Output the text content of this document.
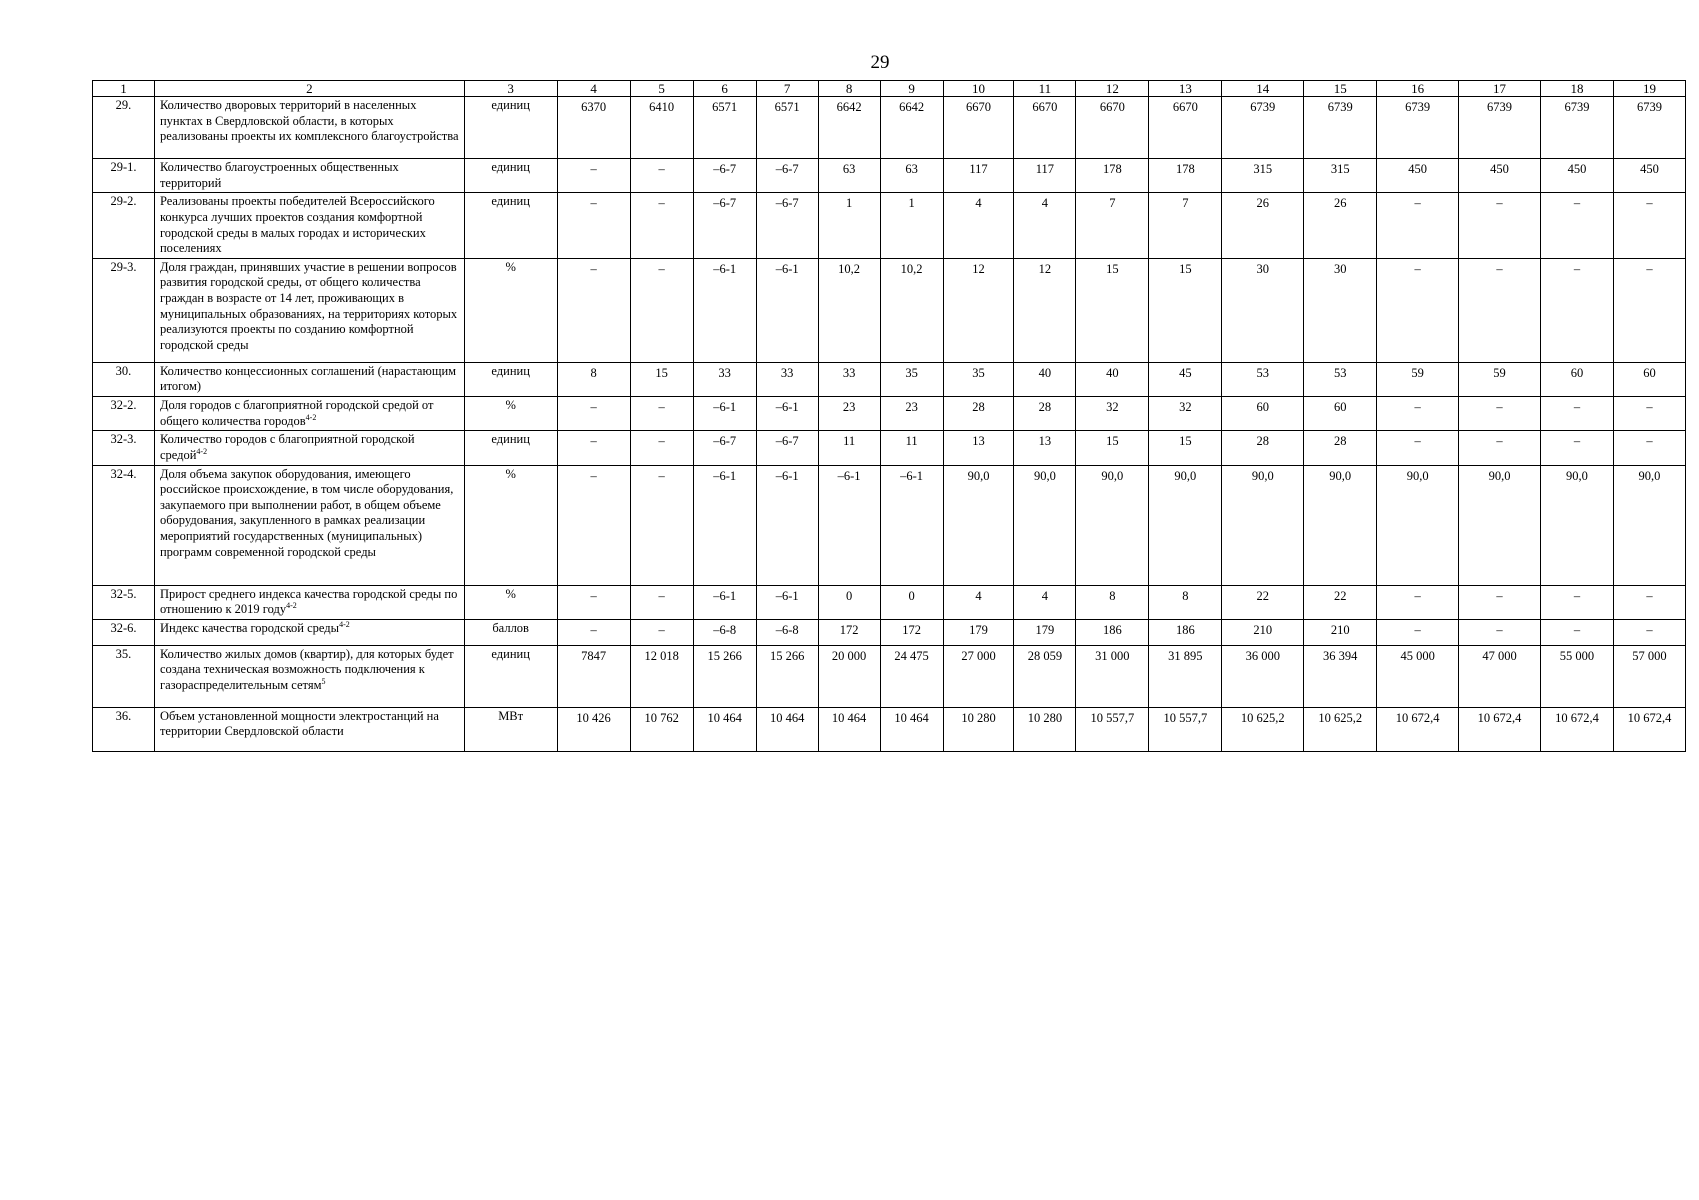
29
1	2	3	4	5	6	7	8	9	10	11	12	13	14	15	16	17	18	19
29.	Количество дворовых территорий в населенных пунктах в Свердловской области, в которых реализованы проекты их комплексного благоустройства	единиц	6370	6410	6571	6571	6642	6642	6670	6670	6670	6670	6739	6739	6739	6739	6739	6739
29-1.	Количество благоустроенных общественных территорий	единиц	–	–	–6-7	–6-7	63	63	117	117	178	178	315	315	450	450	450	450
29-2.	Реализованы проекты победителей Всероссийского конкурса лучших проектов создания комфортной городской среды в малых городах и исторических поселениях	единиц	–	–	–6-7	–6-7	1	1	4	4	7	7	26	26	–	–	–	–
29-3.	Доля граждан, принявших участие в решении вопросов развития городской среды, от общего количества граждан в возрасте от 14 лет, проживающих в муниципальных образованиях, на территориях которых реализуются проекты по созданию комфортной городской среды	%	–	–	–6-1	–6-1	10,2	10,2	12	12	15	15	30	30	–	–	–	–
30.	Количество концессионных соглашений (нарастающим итогом)	единиц	8	15	33	33	33	35	35	40	40	45	53	53	59	59	60	60
32-2.	Доля городов с благоприятной городской средой от общего количества городов$^{4-2}$	%	–	–	–6-1	–6-1	23	23	28	28	32	32	60	60	–	–	–	–
32-3.	Количество городов с благоприятной городской средой$^{4-2}$	единиц	–	–	–6-7	–6-7	11	11	13	13	15	15	28	28	–	–	–	–
32-4.	Доля объема закупок оборудования, имеющего российское происхождение, в том числе оборудования, закупаемого при выполнении работ, в общем объеме оборудования, закупленного в рамках реализации мероприятий государственных (муниципальных) программ современной городской среды	%	–	–	–6-1	–6-1	–6-1	–6-1	90,0	90,0	90,0	90,0	90,0	90,0	90,0	90,0	90,0	90,0
32-5.	Прирост среднего индекса качества городской среды по отношению к 2019 году$^{4-2}$	%	–	–	–6-1	–6-1	0	0	4	4	8	8	22	22	–	–	–	–
32-6.	Индекс качества городской среды$^{4-2}$	баллов	–	–	–6-8	–6-8	172	172	179	179	186	186	210	210	–	–	–	–
35.	Количество жилых домов (квартир), для которых будет создана техническая возможность подключения к газораспределительным сетям$^5$	единиц	7847	12 018	15 266	15 266	20 000	24 475	27 000	28 059	31 000	31 895	36 000	36 394	45 000	47 000	55 000	57 000
36.	Объем установленной мощности электростанций на территории Свердловской области	МВт	10 426	10 762	10 464	10 464	10 464	10 464	10 280	10 280	10 557,7	10 557,7	10 625,2	10 625,2	10 672,4	10 672,4	10 672,4	10 672,4
